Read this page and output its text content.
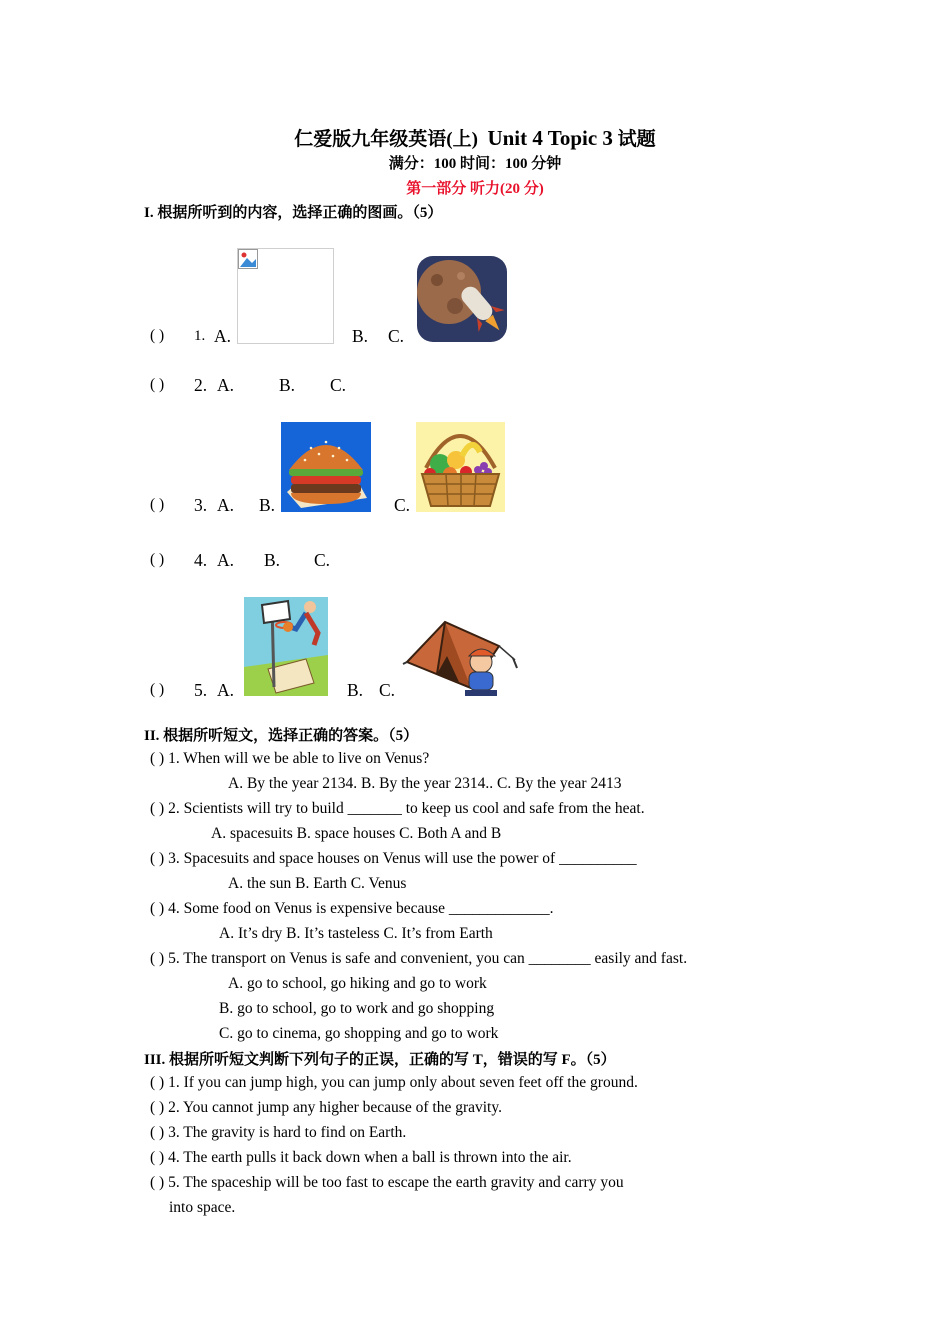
仁爱版九年级英语(上) Unit 4 Topic 3 试题
满分：100 时间：100 分钟
第一部分 听力(20 分)
I. 根据所听到的内容，选择正确的图画。（5）
( ) 1. A.	B. C.
( ) 2. A.	B. C.
( ) 3. A. B.	C.
( ) 4. A. B. C.
( ) 5. A.	B. C.
II. 根据所听短文，选择正确的答案。（5）
( ) 1. When will we be able to live on Venus?
A. By the year 2134. B. By the year 2314.. C. By the year 2413
( ) 2. Scientists will try to build _______ to keep us cool and safe from the heat.
A. spacesuits B. space houses C. Both A and B
( ) 3. Spacesuits and space houses on Venus will use the power of __________
A. the sun B. Earth C. Venus
( ) 4. Some food on Venus is expensive because _____________.
A. It’s dry B. It’s tasteless C. It’s from Earth
( ) 5. The transport on Venus is safe and convenient, you can ________ easily and fast.
A. go to school, go hiking and go to work
B. go to school, go to work and go shopping
C. go to cinema, go shopping and go to work
III. 根据所听短文判断下列句子的正误，正确的写 T，错误的写 F。（5）
( ) 1. If you can jump high, you can jump only about seven feet off the ground.
( ) 2. You cannot jump any higher because of the gravity.
( ) 3. The gravity is hard to find on Earth.
( ) 4. The earth pulls it back down when a ball is thrown into the air.
( ) 5. The spaceship will be too fast to escape the earth gravity and carry you
into space.
